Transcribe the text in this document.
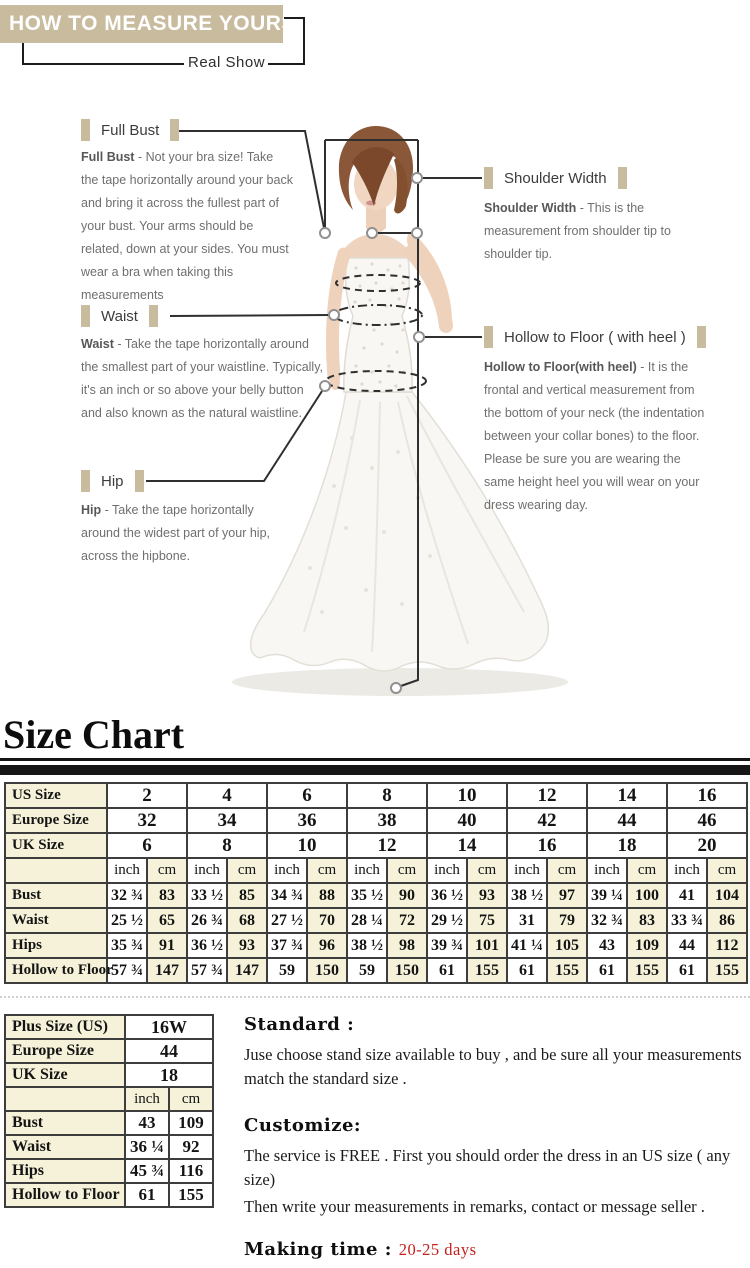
HOW TO MEASURE YOURSELF
Real Show
Full Bust
Full Bust - Not your bra size! Take the tape horizontally around your back and bring it across the fullest part of your bust. Your arms should be related, down at your sides. You must wear a bra when taking this measurements
Waist
Waist - Take the tape horizontally around the smallest part of your waistline. Typically, it's an inch or so above your belly button and also known as the natural waistline.
Hip
Hip - Take the tape horizontally around the widest part of your hip, across the hipbone.
Shoulder Width
Shoulder Width - This is the measurement from shoulder tip to shoulder tip.
Hollow to Floor ( with heel )
Hollow to Floor(with heel) - It is the frontal and vertical measurement from the bottom of your neck (the indentation between your collar bones) to the floor. Please be sure you are wearing the same height heel you will wear on your dress wearing day.
Size Chart
US Size	2		4		6		8		10		12		14		16	
Europe Size	32		34		36		38		40		42		44		46	
UK Size	6		8		10		12		14		16		18		20	
	inch	cm	inch	cm	inch	cm	inch	cm	inch	cm	inch	cm	inch	cm	inch	cm
Bust	32 ¾	83	33 ½	85	34 ¾	88	35 ½	90	36 ½	93	38 ½	97	39 ¼	100	41	104
Waist	25 ½	65	26 ¾	68	27 ½	70	28 ¼	72	29 ½	75	31	79	32 ¾	83	33 ¾	86
Hips	35 ¾	91	36 ½	93	37 ¾	96	38 ½	98	39 ¾	101	41 ¼	105	43	109	44	112
Hollow to Floor	57 ¾	147	57 ¾	147	59	150	59	150	61	155	61	155	61	155	61	155
Plus Size (US)	16W	
Europe Size	44	
UK Size	18	
	inch	cm
Bust	43	109
Waist	36 ¼	92
Hips	45 ¾	116
Hollow to Floor	61	155
Standard :

Juse choose stand size available to buy , and be sure all your measurements match the standard size .

Customize:

The service is FREE . First you should order the dress in an US size ( any size)

Then write your measurements in remarks, contact or message seller .

Making time : 20-25 days
